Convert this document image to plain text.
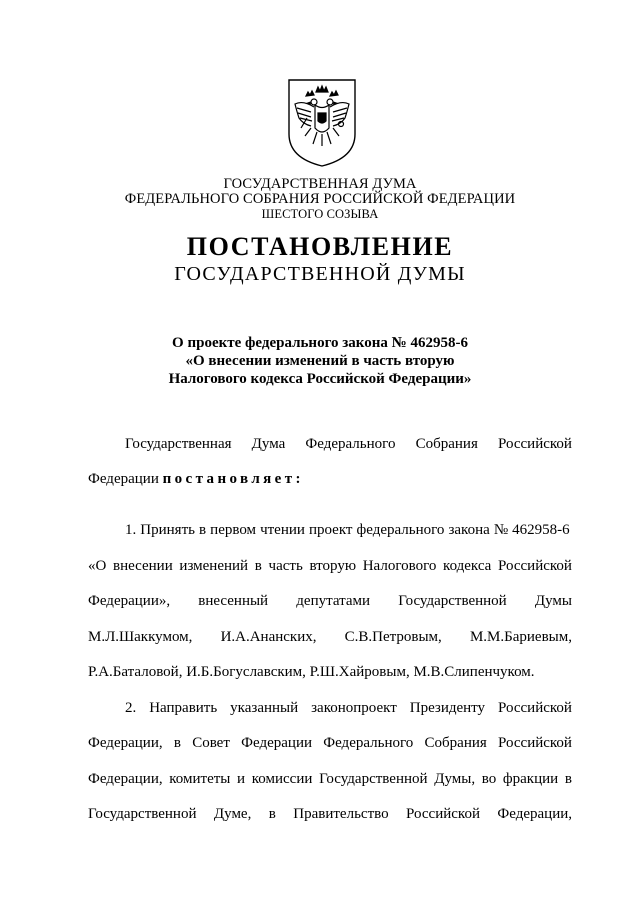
ГОСУДАРСТВЕННАЯ ДУМА
ФЕДЕРАЛЬНОГО СОБРАНИЯ РОССИЙСКОЙ ФЕДЕРАЦИИ
ШЕСТОГО СОЗЫВА
ПОСТАНОВЛЕНИЕ
ГОСУДАРСТВЕННОЙ ДУМЫ
О проекте федерального закона № 462958-6
«О внесении изменений в часть вторую
Налогового кодекса Российской Федерации»
Государственная Дума Федерального Собрания Российской
Федерации постановляет:
1. Принять в первом чтении проект федерального закона № 462958-6
«О внесении изменений в часть вторую Налогового кодекса Российской
Федерации», внесенный депутатами Государственной Думы
М.Л.Шаккумом, И.А.Ананских, С.В.Петровым, М.М.Бариевым,
Р.А.Баталовой, И.Б.Богуславским, Р.Ш.Хайровым, М.В.Слипенчуком.
2. Направить указанный законопроект Президенту Российской
Федерации, в Совет Федерации Федерального Собрания Российской
Федерации, комитеты и комиссии Государственной Думы, во фракции в
Государственной Думе, в Правительство Российской Федерации,
